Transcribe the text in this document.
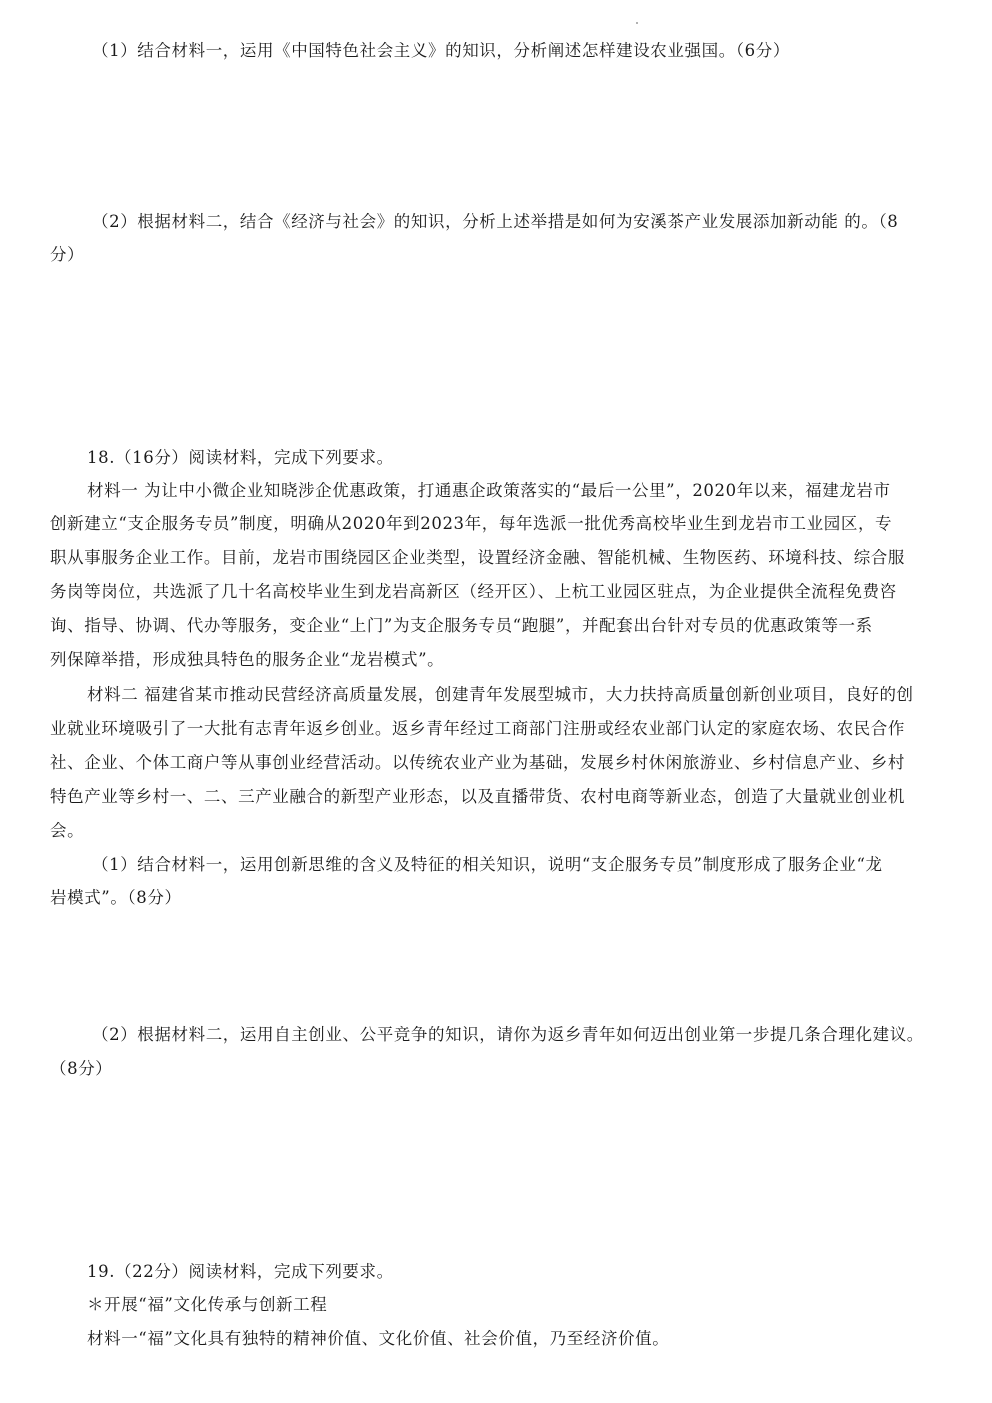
（1）结合材料一，运用《中国特色社会主义》的知识，分析阐述怎样建设农业强国。（6分）
（2）根据材料二，结合《经济与社会》的知识，分析上述举措是如何为安溪茶产业发展添加新动能 的。（8
分）
18.（16分）阅读材料，完成下列要求。
材料一 为让中小微企业知晓涉企优惠政策，打通惠企政策落实的“最后一公里”，2020年以来，福建龙岩市
创新建立“支企服务专员”制度，明确从2020年到2023年，每年选派一批优秀高校毕业生到龙岩市工业园区，专
职从事服务企业工作。目前，龙岩市围绕园区企业类型，设置经济金融、智能机械、生物医药、环境科技、综合服
务岗等岗位，共选派了几十名高校毕业生到龙岩高新区（经开区）、上杭工业园区驻点，为企业提供全流程免费咨
询、指导、协调、代办等服务，变企业“上门”为支企服务专员“跑腿”，并配套出台针对专员的优惠政策等一系
列保障举措，形成独具特色的服务企业“龙岩模式”。
材料二 福建省某市推动民营经济高质量发展，创建青年发展型城市，大力扶持高质量创新创业项目，良好的创
业就业环境吸引了一大批有志青年返乡创业。返乡青年经过工商部门注册或经农业部门认定的家庭农场、农民合作
社、企业、个体工商户等从事创业经营活动。以传统农业产业为基础，发展乡村休闲旅游业、乡村信息产业、乡村
特色产业等乡村一、二、三产业融合的新型产业形态，以及直播带货、农村电商等新业态，创造了大量就业创业机
会。
（1）结合材料一，运用创新思维的含义及特征的相关知识，说明“支企服务专员”制度形成了服务企业“龙
岩模式”。（8分）
（2）根据材料二，运用自主创业、公平竞争的知识，请你为返乡青年如何迈出创业第一步提几条合理化建议。
（8分）
19.（22分）阅读材料，完成下列要求。
＊开展“福”文化传承与创新工程
材料一“福”文化具有独特的精神价值、文化价值、社会价值，乃至经济价值。
